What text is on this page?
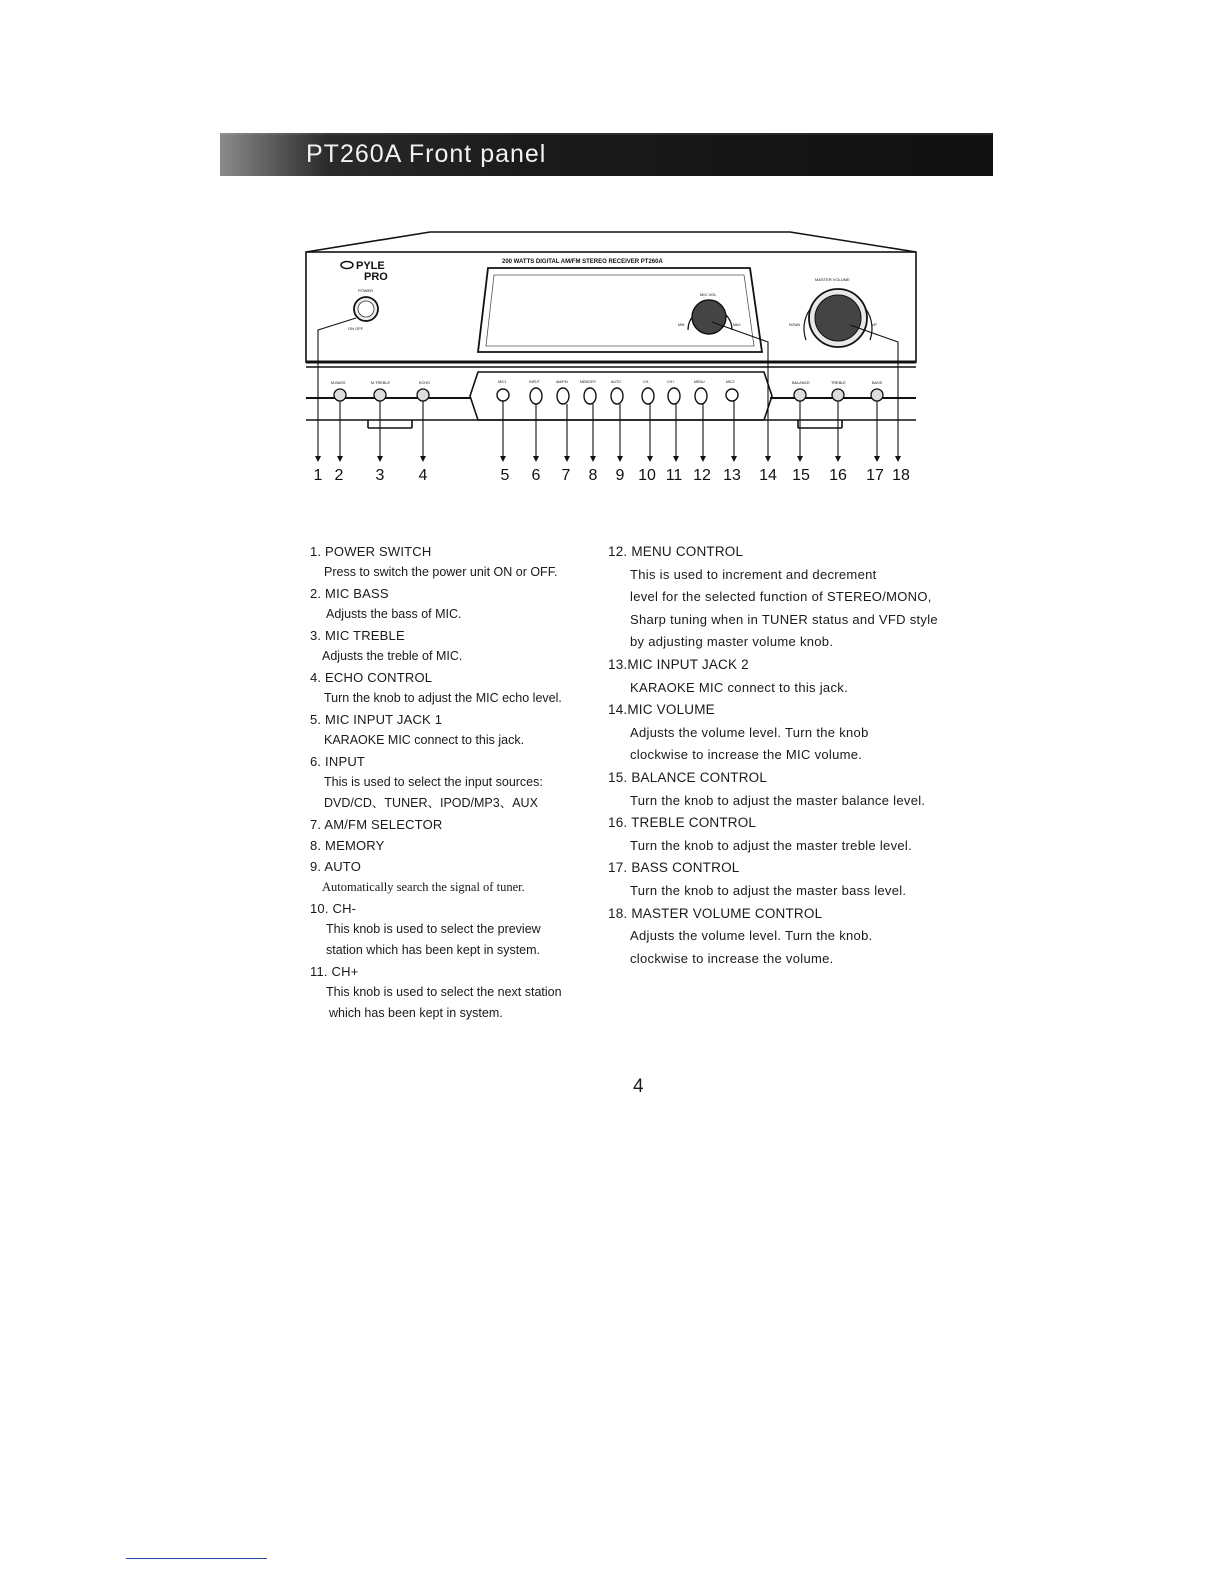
PT260A Front panel
PYLE
PRO
200 WATTS DIGITAL AM/FM STEREO RECEIVER PT260A
POWER
ON OFF
MIC.VOL
MIN	MAX
MASTER VOLUME
DOWN	UP
M.BASS	M.TREBLE	ECHO	BALANCE	TREBLE	BASS
MIC1	INPUT	AM/FM	MEMORY	AUTO	CH-	CH+	MENU	MIC2
1 2 3 4	5 6 7 8 9 10 11 12 13 14 15 16 17 18
1. POWER SWITCH
Press to switch the power unit ON or OFF.
2. MIC BASS
Adjusts the bass of MIC.
3. MIC TREBLE
Adjusts the treble of MIC.
4. ECHO CONTROL
Turn the knob to adjust the MIC echo level.
5. MIC INPUT JACK 1
KARAOKE MIC connect to this jack.
6. INPUT
This is used to select the input sources:
DVD/CD、TUNER、IPOD/MP3、AUX
7. AM/FM SELECTOR
8. MEMORY
9. AUTO
Automatically search the signal of tuner.
10. CH-
This knob is used to select the preview
station which has been kept in system.
11. CH+
This knob is used to select the next station
which has been kept in system.
12. MENU CONTROL
This is used to increment and decrement
level for the selected function of STEREO/MONO,
Sharp tuning when in TUNER status and VFD style
by adjusting master volume knob.
13.MIC INPUT JACK 2
KARAOKE MIC connect to this jack.
14.MIC VOLUME
Adjusts the volume level. Turn the knob
clockwise to increase the MIC volume.
15. BALANCE CONTROL
Turn the knob to adjust the master balance level.
16. TREBLE CONTROL
Turn the knob to adjust the master treble level.
17. BASS CONTROL
Turn the knob to adjust the master bass level.
18. MASTER VOLUME CONTROL
Adjusts the volume level. Turn the knob.
clockwise to increase the volume.
4
